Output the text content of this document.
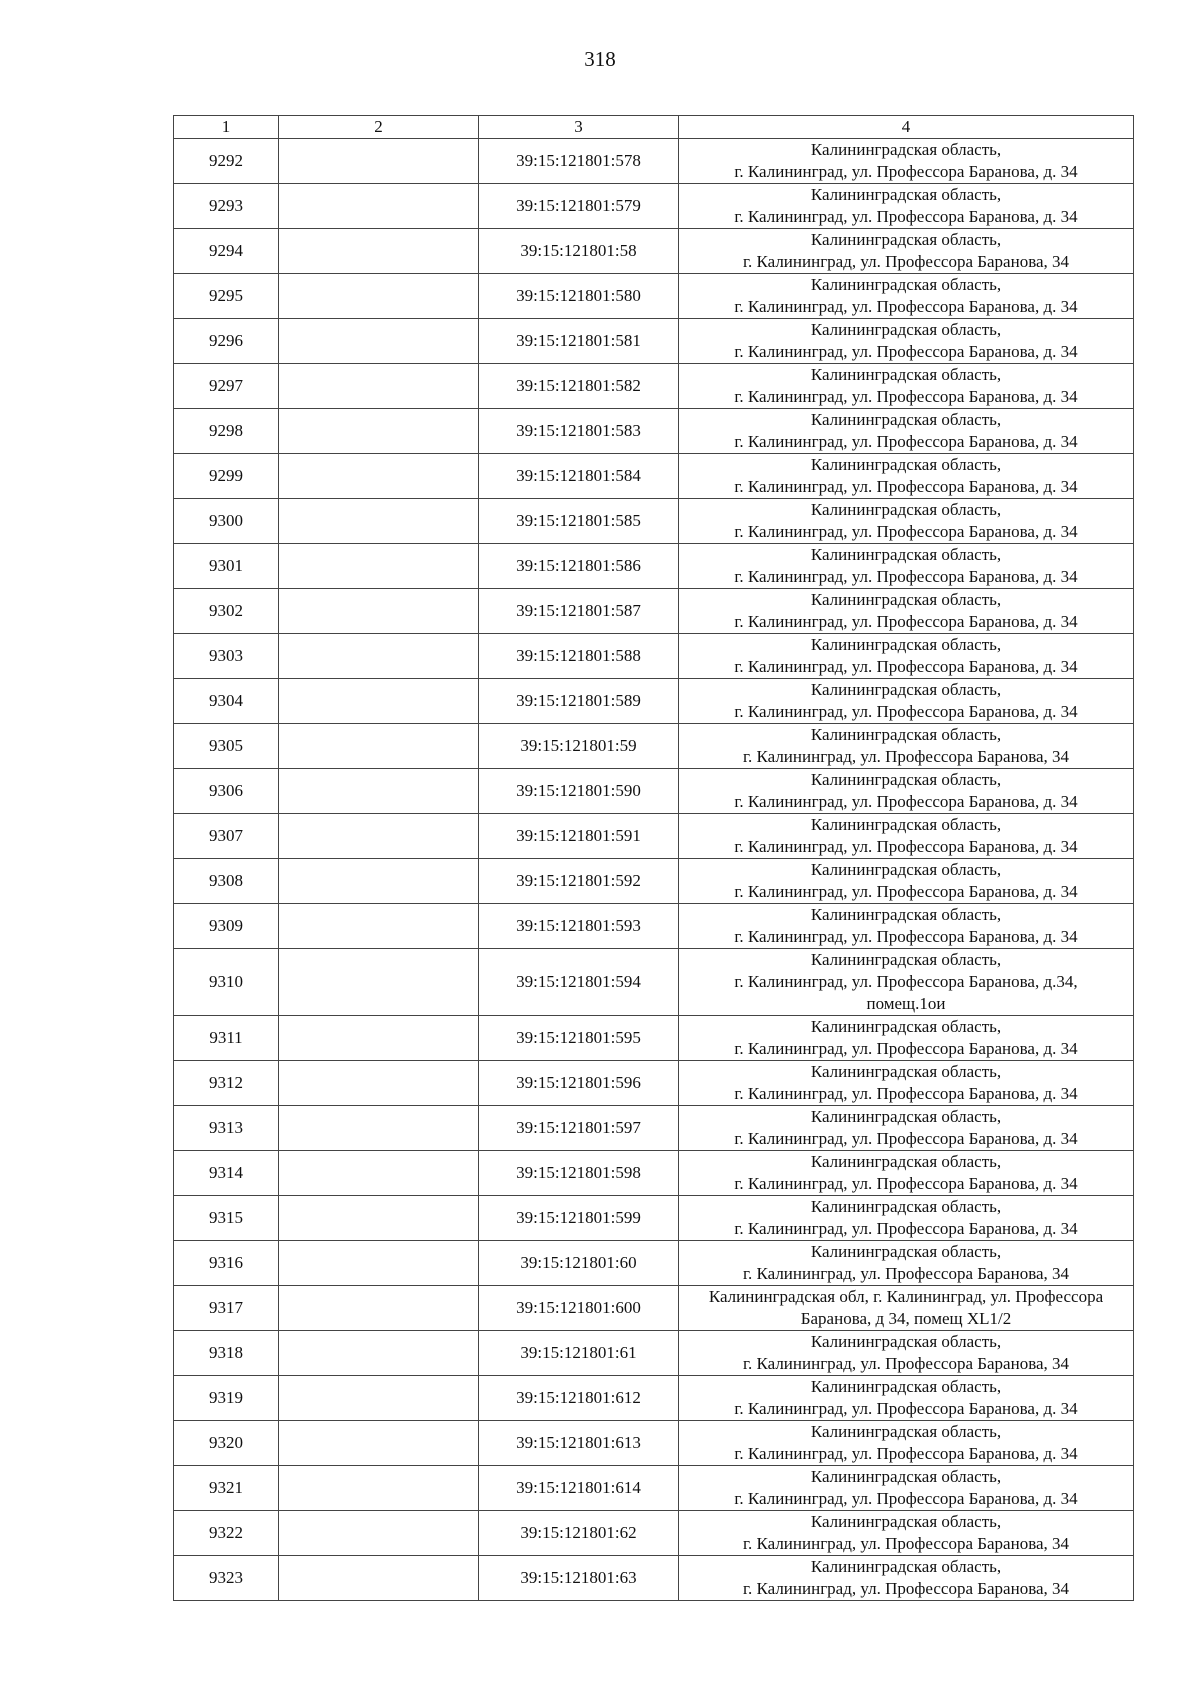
318
1	2	3	4
9292		39:15:121801:578	Калининградская область,
г. Калининград, ул. Профессора Баранова, д. 34
9293		39:15:121801:579	Калининградская область,
г. Калининград, ул. Профессора Баранова, д. 34
9294		39:15:121801:58	Калининградская область,
г. Калининград, ул. Профессора Баранова, 34
9295		39:15:121801:580	Калининградская область,
г. Калининград, ул. Профессора Баранова, д. 34
9296		39:15:121801:581	Калининградская область,
г. Калининград, ул. Профессора Баранова, д. 34
9297		39:15:121801:582	Калининградская область,
г. Калининград, ул. Профессора Баранова, д. 34
9298		39:15:121801:583	Калининградская область,
г. Калининград, ул. Профессора Баранова, д. 34
9299		39:15:121801:584	Калининградская область,
г. Калининград, ул. Профессора Баранова, д. 34
9300		39:15:121801:585	Калининградская область,
г. Калининград, ул. Профессора Баранова, д. 34
9301		39:15:121801:586	Калининградская область,
г. Калининград, ул. Профессора Баранова, д. 34
9302		39:15:121801:587	Калининградская область,
г. Калининград, ул. Профессора Баранова, д. 34
9303		39:15:121801:588	Калининградская область,
г. Калининград, ул. Профессора Баранова, д. 34
9304		39:15:121801:589	Калининградская область,
г. Калининград, ул. Профессора Баранова, д. 34
9305		39:15:121801:59	Калининградская область,
г. Калининград, ул. Профессора Баранова, 34
9306		39:15:121801:590	Калининградская область,
г. Калининград, ул. Профессора Баранова, д. 34
9307		39:15:121801:591	Калининградская область,
г. Калининград, ул. Профессора Баранова, д. 34
9308		39:15:121801:592	Калининградская область,
г. Калининград, ул. Профессора Баранова, д. 34
9309		39:15:121801:593	Калининградская область,
г. Калининград, ул. Профессора Баранова, д. 34
9310		39:15:121801:594	Калининградская область,
г. Калининград, ул. Профессора Баранова, д.34,
помещ.1ои
9311		39:15:121801:595	Калининградская область,
г. Калининград, ул. Профессора Баранова, д. 34
9312		39:15:121801:596	Калининградская область,
г. Калининград, ул. Профессора Баранова, д. 34
9313		39:15:121801:597	Калининградская область,
г. Калининград, ул. Профессора Баранова, д. 34
9314		39:15:121801:598	Калининградская область,
г. Калининград, ул. Профессора Баранова, д. 34
9315		39:15:121801:599	Калининградская область,
г. Калининград, ул. Профессора Баранова, д. 34
9316		39:15:121801:60	Калининградская область,
г. Калининград, ул. Профессора Баранова, 34
9317		39:15:121801:600	Калининградская обл, г. Калининград, ул. Профессора
Баранова, д 34, помещ XL1/2
9318		39:15:121801:61	Калининградская область,
г. Калининград, ул. Профессора Баранова, 34
9319		39:15:121801:612	Калининградская область,
г. Калининград, ул. Профессора Баранова, д. 34
9320		39:15:121801:613	Калининградская область,
г. Калининград, ул. Профессора Баранова, д. 34
9321		39:15:121801:614	Калининградская область,
г. Калининград, ул. Профессора Баранова, д. 34
9322		39:15:121801:62	Калининградская область,
г. Калининград, ул. Профессора Баранова, 34
9323		39:15:121801:63	Калининградская область,
г. Калининград, ул. Профессора Баранова, 34
